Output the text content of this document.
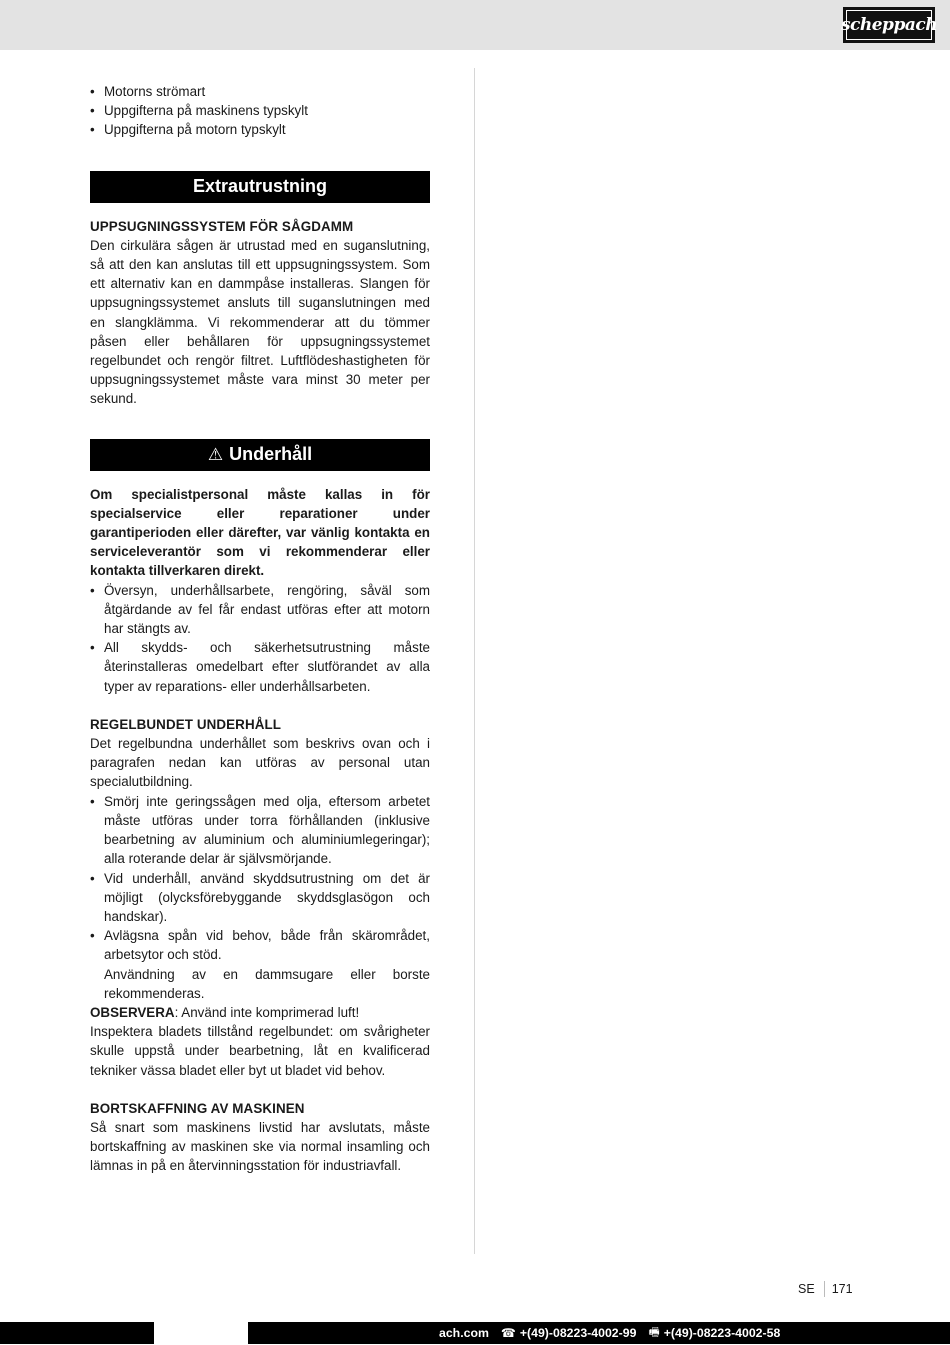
scheppach
• Motorns strömart
• Uppgifterna på maskinens typskylt
• Uppgifterna på motorn typskylt
Extrautrustning
UPPSUGNINGSSYSTEM FÖR SÅGDAMM

Den cirkulära sågen är utrustad med en suganslutning, så att den kan anslutas till ett uppsugningssystem. Som ett alternativ kan en dammpåse installeras. Slangen för uppsugningssystemet ansluts till suganslutningen med en slangklämma. Vi rekommenderar att du tömmer påsen eller behållaren för uppsugningssystemet regelbundet och rengör filtret. Luftflödeshastigheten för uppsugningssystemet måste vara minst 30 meter per sekund.

⚠ Underhåll

Om specialistpersonal måste kallas in för specialservice eller reparationer under garantiperioden eller därefter, var vänlig kontakta en serviceleverantör som vi rekommenderar eller kontakta tillverkaren direkt.

• Översyn, underhållsarbete, rengöring, såväl som åtgärdande av fel får endast utföras efter att motorn har stängts av.
• All skydds- och säkerhetsutrustning måste återinstalleras omedelbart efter slutförandet av alla typer av reparations- eller underhållsarbeten.
REGELBUNDET UNDERHÅLL

Det regelbundna underhållet som beskrivs ovan och i paragrafen nedan kan utföras av personal utan specialutbildning.

• Smörj inte geringssågen med olja, eftersom arbetet måste utföras under torra förhållanden (inklusive bearbetning av aluminium och aluminiumlegeringar); alla roterande delar är självsmörjande.
• Vid underhåll, använd skyddsutrustning om det är möjligt (olycksförebyggande skyddsglasögon och handskar).
• Avlägsna spån vid behov, både från skärområdet, arbetsytor och stöd.
Användning av en dammsugare eller borste rekommenderas.

OBSERVERA: Använd inte komprimerad luft!

Inspektera bladets tillstånd regelbundet: om svårigheter skulle uppstå under bearbetning, låt en kvalificerad tekniker vässa bladet eller byt ut bladet vid behov.

BORTSKAFFNING AV MASKINEN

Så snart som maskinens livstid har avslutats, måste bortskaffning av maskinen ske via normal insamling och lämnas in på en återvinningsstation för industriavfall.

SE	171
ach.com ☎ +(49)-08223-4002-99 🖷 +(49)-08223-4002-58
